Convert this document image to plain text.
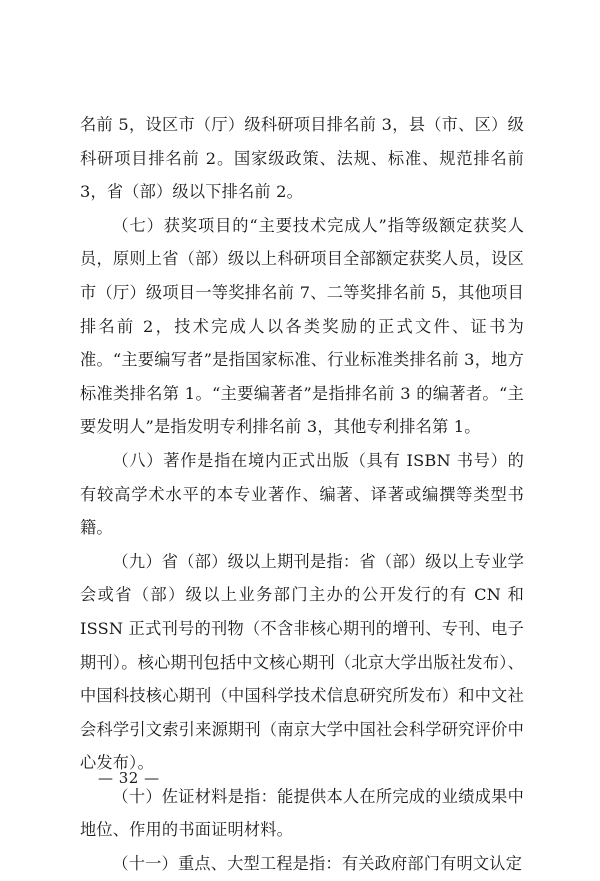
名前 5，设区市（厅）级科研项目排名前 3，县（市、区）级科研项目排名前 2。国家级政策、法规、标准、规范排名前 3，省（部）级以下排名前 2。

（七）获奖项目的“主要技术完成人”指等级额定获奖人员，原则上省（部）级以上科研项目全部额定获奖人员，设区市（厅）级项目一等奖排名前 7、二等奖排名前 5，其他项目排名前 2，技术完成人以各类奖励的正式文件、证书为准。“主要编写者”是指国家标准、行业标准类排名前 3，地方标准类排名第 1。“主要编著者”是指排名前 3 的编著者。“主要发明人”是指发明专利排名前 3，其他专利排名第 1。

（八）著作是指在境内正式出版（具有 ISBN 书号）的有较高学术水平的本专业著作、编著、译著或编撰等类型书籍。

（九）省（部）级以上期刊是指：省（部）级以上专业学会或省（部）级以上业务部门主办的公开发行的有 CN 和 ISSN 正式刊号的刊物（不含非核心期刊的增刊、专刊、电子期刊）。核心期刊包括中文核心期刊（北京大学出版社发布）、中国科技核心期刊（中国科学技术信息研究所发布）和中文社会科学引文索引来源期刊（南京大学中国社会科学研究评价中心发布）。

（十）佐证材料是指：能提供本人在所完成的业绩成果中地位、作用的书面证明材料。

（十一）重点、大型工程是指：有关政府部门有明文认定

— 32 —
